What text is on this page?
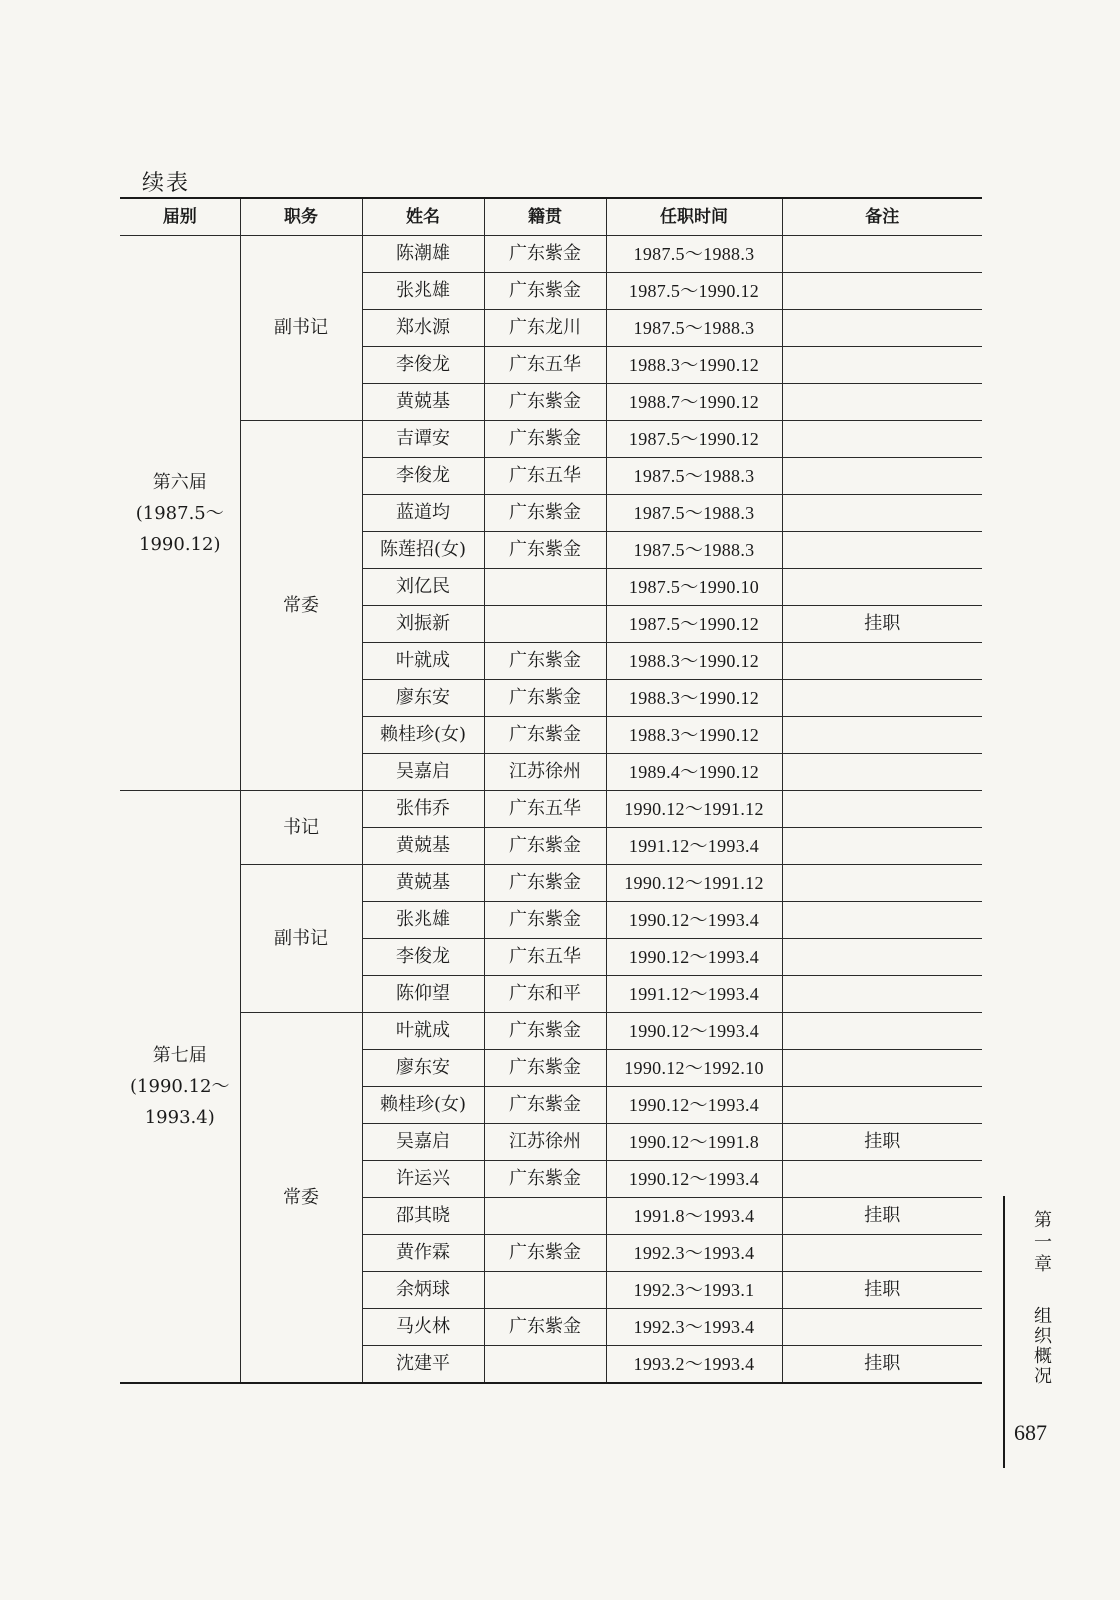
续表
届别	职务	姓名	籍贯	任职时间	备注

第六届
(1987.5～
1990.12)	副书记	陈潮雄	广东紫金	1987.5～1988.3	
		张兆雄	广东紫金	1987.5～1990.12	
		郑水源	广东龙川	1987.5～1988.3	
		李俊龙	广东五华	1988.3～1990.12	
		黄兢基	广东紫金	1988.7～1990.12	
	常委	吉谭安	广东紫金	1987.5～1990.12	
		李俊龙	广东五华	1987.5～1988.3	
		蓝道均	广东紫金	1987.5～1988.3	
		陈莲招(女)	广东紫金	1987.5～1988.3	
		刘亿民		1987.5～1990.10	
		刘振新		1987.5～1990.12	挂职
		叶就成	广东紫金	1988.3～1990.12	
		廖东安	广东紫金	1988.3～1990.12	
		赖桂珍(女)	广东紫金	1988.3～1990.12	
		吴嘉启	江苏徐州	1989.4～1990.12	

第七届
(1990.12～
1993.4)	书记	张伟乔	广东五华	1990.12～1991.12	
		黄兢基	广东紫金	1991.12～1993.4	
	副书记	黄兢基	广东紫金	1990.12～1991.12	
		张兆雄	广东紫金	1990.12～1993.4	
		李俊龙	广东五华	1990.12～1993.4	
		陈仰望	广东和平	1991.12～1993.4	
	常委	叶就成	广东紫金	1990.12～1993.4	
		廖东安	广东紫金	1990.12～1992.10	
		赖桂珍(女)	广东紫金	1990.12～1993.4	
		吴嘉启	江苏徐州	1990.12～1991.8	挂职
		许运兴	广东紫金	1990.12～1993.4	
		邵其晓		1991.8～1993.4	挂职
		黄作霖	广东紫金	1992.3～1993.4	
		余炳球		1992.3～1993.1	挂职
		马火林	广东紫金	1992.3～1993.4	
		沈建平		1993.2～1993.4	挂职
第一章
组织概况
687
